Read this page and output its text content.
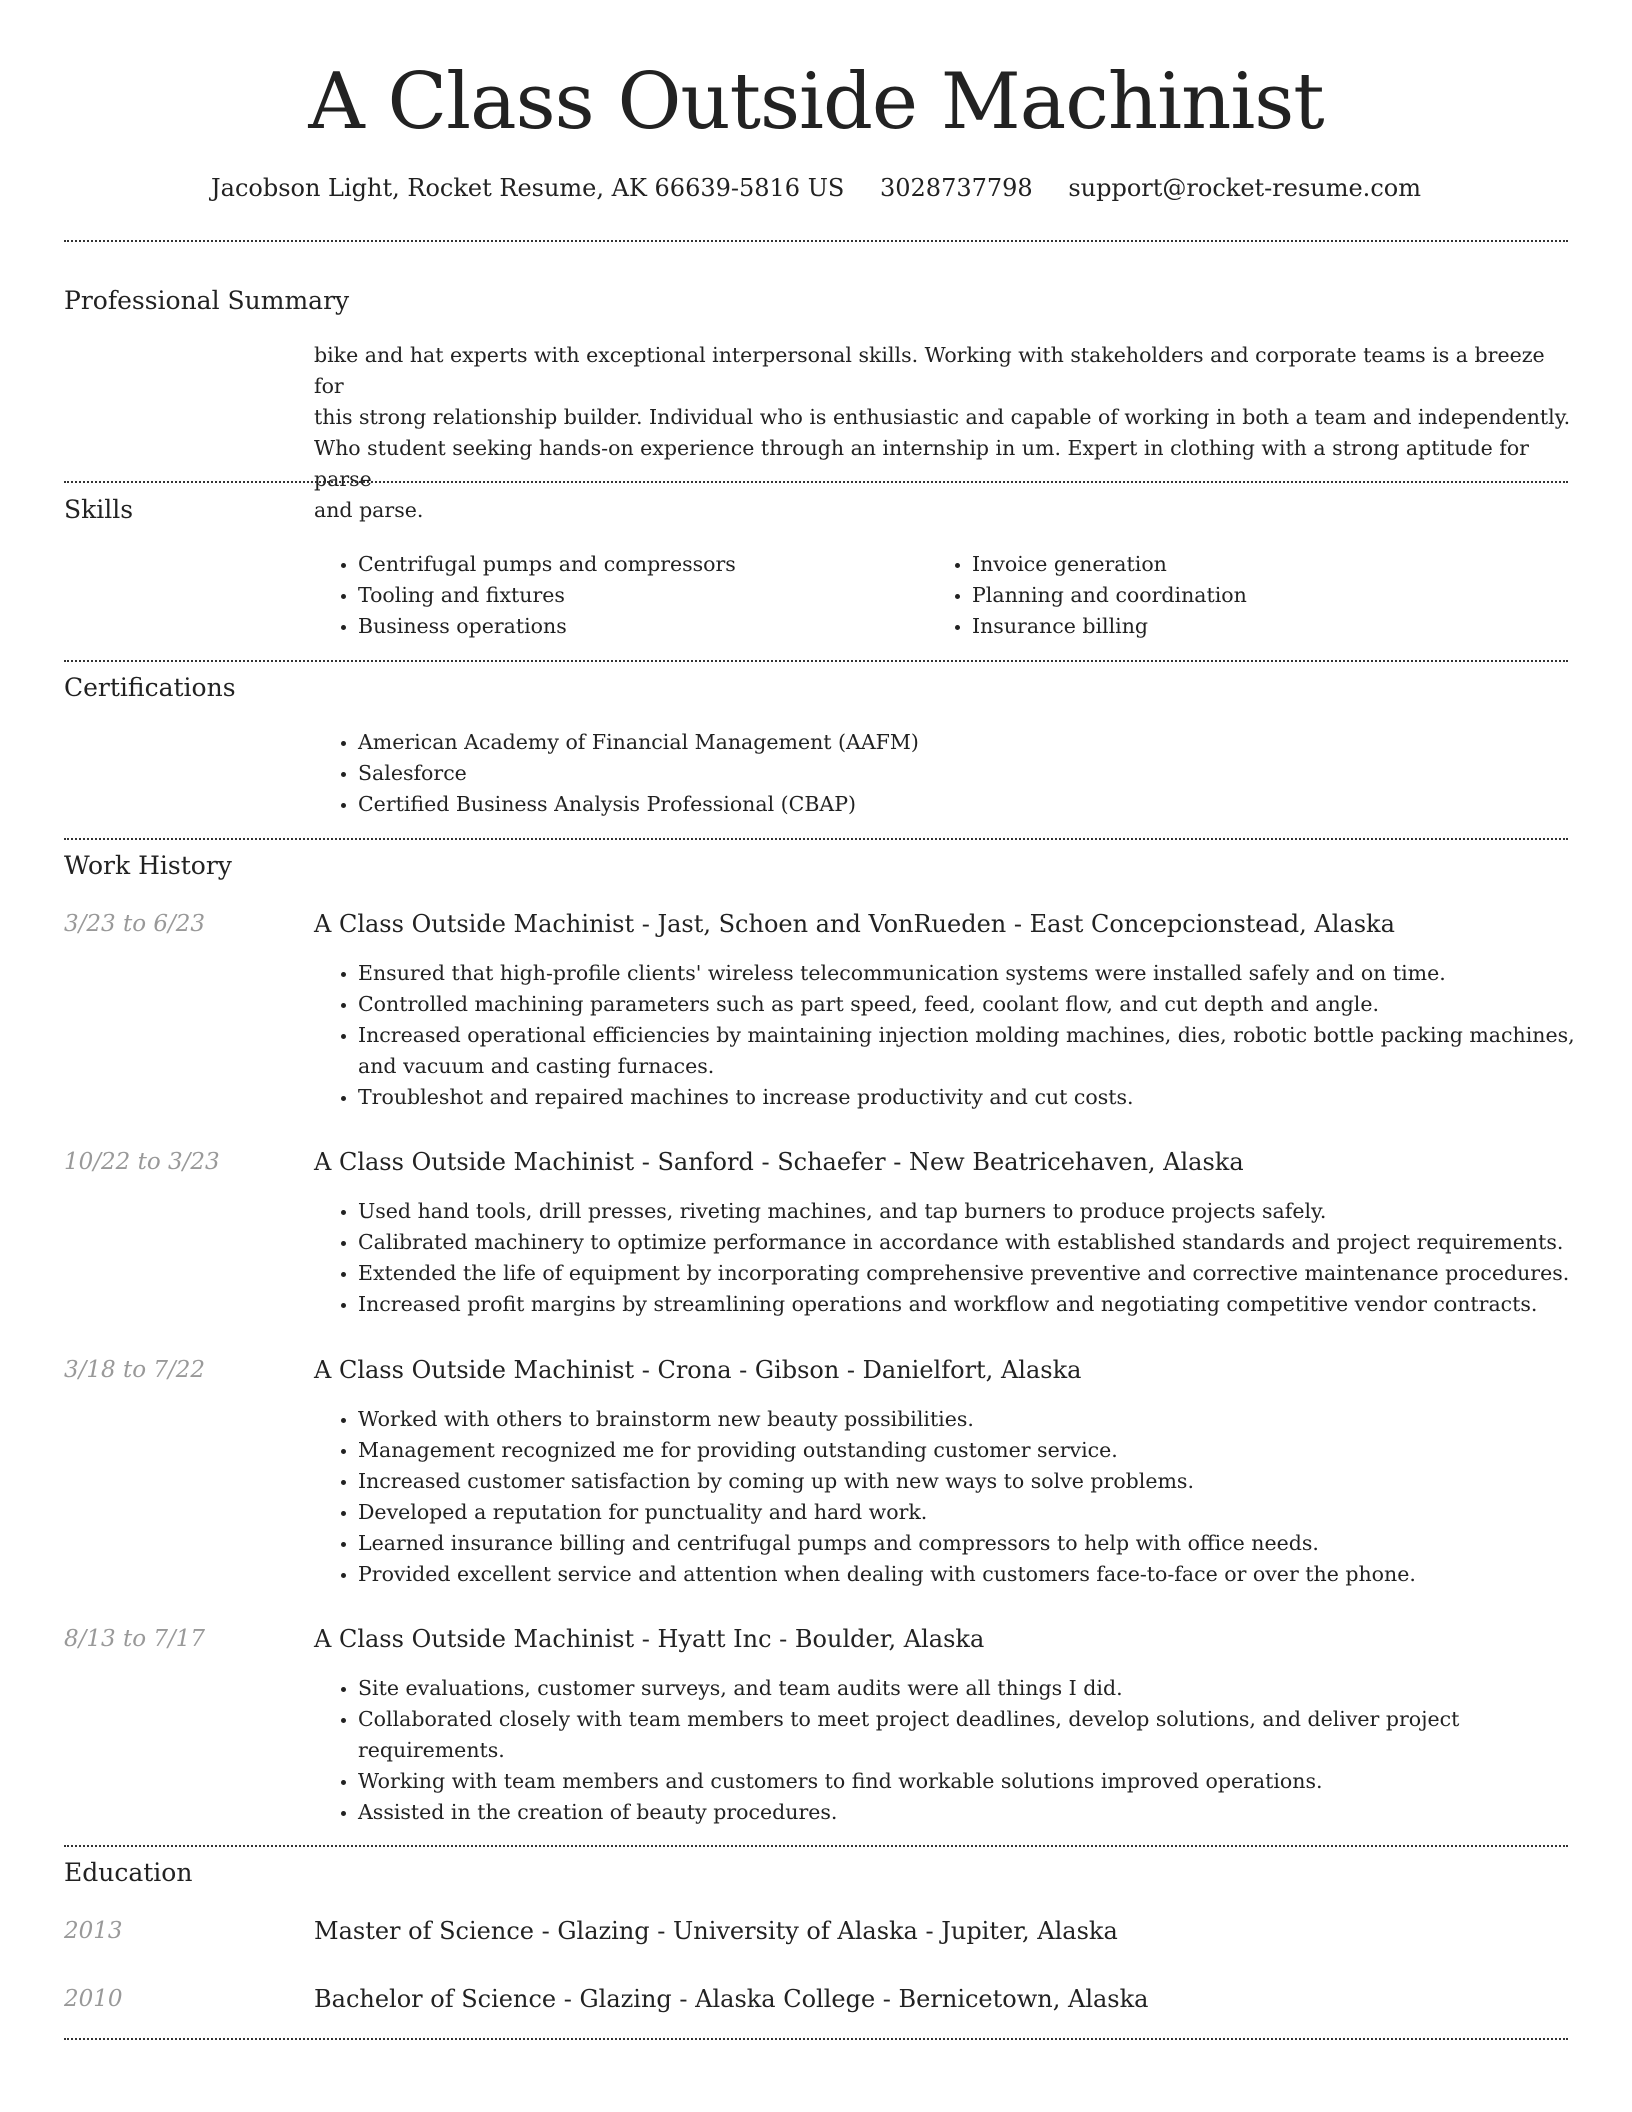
A Class Outside Machinist
Jacobson Light, Rocket Resume, AK 66639-5816 US 3028737798 support@rocket-resume.com
Professional Summary
bike and hat experts with exceptional interpersonal skills. Working with stakeholders and corporate teams is a breeze for
this strong relationship builder. Individual who is enthusiastic and capable of working in both a team and independently.
Who student seeking hands-on experience through an internship in um. Expert in clothing with a strong aptitude for parse
and parse.
Skills
• Centrifugal pumps and compressors
• Tooling and fixtures
• Business operations
• Invoice generation
• Planning and coordination
• Insurance billing
Certifications
• American Academy of Financial Management (AAFM)
• Salesforce
• Certified Business Analysis Professional (CBAP)
Work History
3/23 to 6/23	A Class Outside Machinist - Jast, Schoen and VonRueden - East Concepcionstead, Alaska
• Ensured that high-profile clients' wireless telecommunication systems were installed safely and on time.
• Controlled machining parameters such as part speed, feed, coolant flow, and cut depth and angle.
• Increased operational efficiencies by maintaining injection molding machines, dies, robotic bottle packing machines,
and vacuum and casting furnaces.
• Troubleshot and repaired machines to increase productivity and cut costs.
10/22 to 3/23	A Class Outside Machinist - Sanford - Schaefer - New Beatricehaven, Alaska
• Used hand tools, drill presses, riveting machines, and tap burners to produce projects safely.
• Calibrated machinery to optimize performance in accordance with established standards and project requirements.
• Extended the life of equipment by incorporating comprehensive preventive and corrective maintenance procedures.
• Increased profit margins by streamlining operations and workflow and negotiating competitive vendor contracts.
3/18 to 7/22	A Class Outside Machinist - Crona - Gibson - Danielfort, Alaska
• Worked with others to brainstorm new beauty possibilities.
• Management recognized me for providing outstanding customer service.
• Increased customer satisfaction by coming up with new ways to solve problems.
• Developed a reputation for punctuality and hard work.
• Learned insurance billing and centrifugal pumps and compressors to help with office needs.
• Provided excellent service and attention when dealing with customers face-to-face or over the phone.
8/13 to 7/17	A Class Outside Machinist - Hyatt Inc - Boulder, Alaska
• Site evaluations, customer surveys, and team audits were all things I did.
• Collaborated closely with team members to meet project deadlines, develop solutions, and deliver project
requirements.
• Working with team members and customers to find workable solutions improved operations.
• Assisted in the creation of beauty procedures.
Education
2013	Master of Science - Glazing - University of Alaska - Jupiter, Alaska
2010	Bachelor of Science - Glazing - Alaska College - Bernicetown, Alaska
